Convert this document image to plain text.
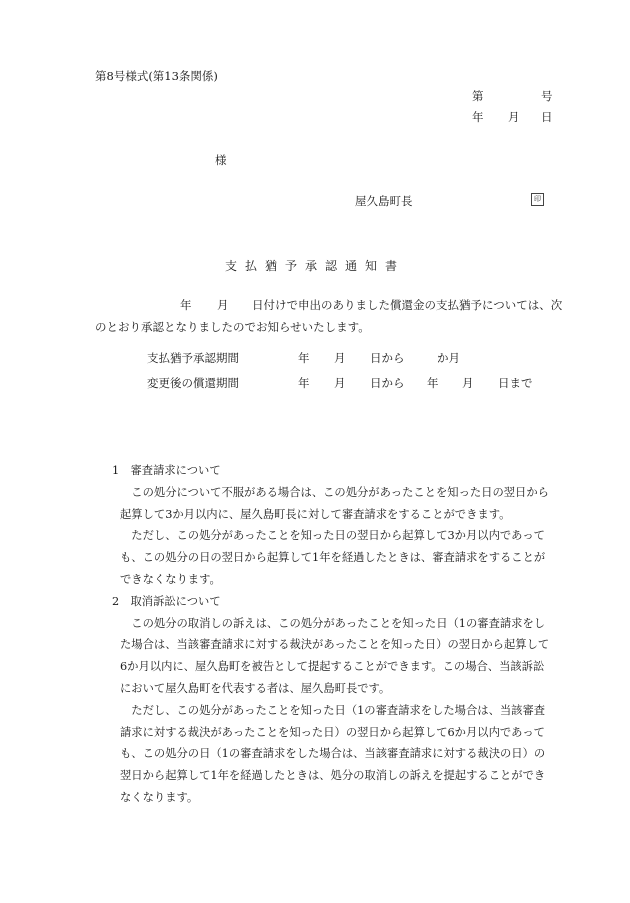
第8号様式(第13条関係)
第	号
年 月 日
様
屋久島町長	印
支払猶予承認通知書
年 月 日付けで申出のありました償還金の支払猶予については、次
のとおり承認となりましたのでお知らせいたします。
支払猶予承認期間	年 月 日から	か月
変更後の償還期間	年 月 日から 年 月 日まで
1　審査請求について
　この処分について不服がある場合は、この処分があったことを知った日の翌日から
起算して3か月以内に、屋久島町長に対して審査請求をすることができます。
　ただし、この処分があったことを知った日の翌日から起算して3か月以内であって
も、この処分の日の翌日から起算して1年を経過したときは、審査請求をすることが
できなくなります。
2　取消訴訟について
　この処分の取消しの訴えは、この処分があったことを知った日（1の審査請求をし
た場合は、当該審査請求に対する裁決があったことを知った日）の翌日から起算して
6か月以内に、屋久島町を被告として提起することができます。この場合、当該訴訟
において屋久島町を代表する者は、屋久島町長です。
　ただし、この処分があったことを知った日（1の審査請求をした場合は、当該審査
請求に対する裁決があったことを知った日）の翌日から起算して6か月以内であって
も、この処分の日（1の審査請求をした場合は、当該審査請求に対する裁決の日）の
翌日から起算して1年を経過したときは、処分の取消しの訴えを提起することができ
なくなります。
